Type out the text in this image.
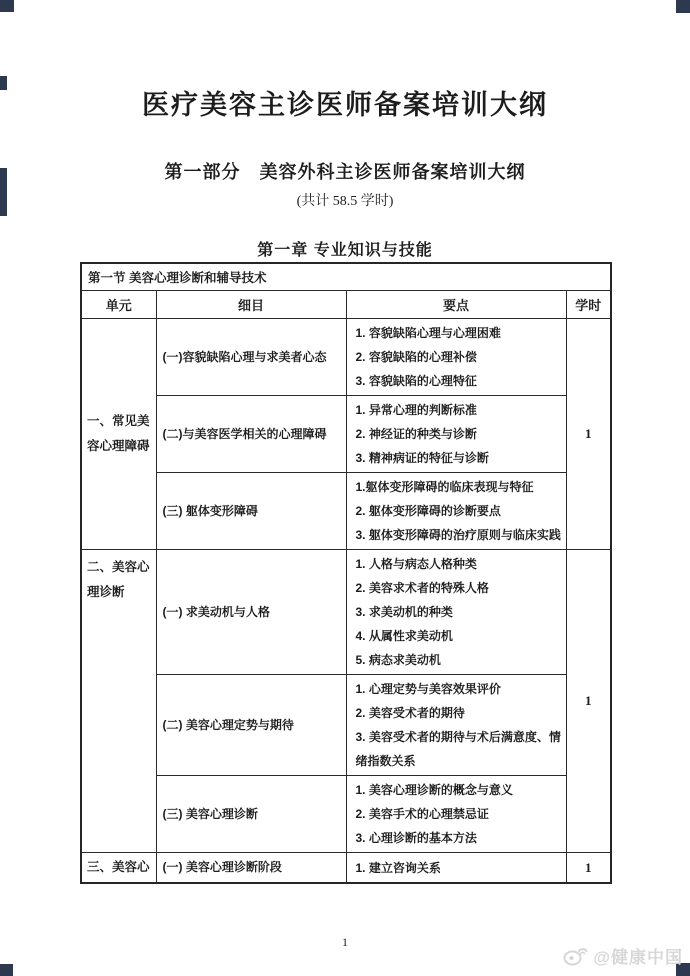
医疗美容主诊医师备案培训大纲
第一部分　美容外科主诊医师备案培训大纲
(共计 58.5 学时)
第一章 专业知识与技能
第一节 美容心理诊断和辅导技术			
单元	细目	要点	学时
一、常见美容心理障碍	(一)容貌缺陷心理与求美者心态	1. 容貌缺陷心理与心理困难
2. 容貌缺陷的心理补偿
3. 容貌缺陷的心理特征	1
	(二)与美容医学相关的心理障碍	1. 异常心理的判断标准
2. 神经证的种类与诊断
3. 精神病证的特征与诊断	

	(三) 躯体变形障碍	1.躯体变形障碍的临床表现与特征
2. 躯体变形障碍的诊断要点
3. 躯体变形障碍的治疗原则与临床实践	

二、美容心理诊断	(一) 求美动机与人格	1. 人格与病态人格种类
2. 美容求术者的特殊人格
3. 求美动机的种类
4. 从属性求美动机
5. 病态求美动机	1
	(二) 美容心理定势与期待	1. 心理定势与美容效果评价
2. 美容受术者的期待
3. 美容受术者的期待与术后满意度、情绪指数关系	

	(三) 美容心理诊断	1. 美容心理诊断的概念与意义
2. 美容手术的心理禁忌证
3. 心理诊断的基本方法	

三、美容心	(一) 美容心理诊断阶段	1. 建立咨询关系	1
1
@健康中国
